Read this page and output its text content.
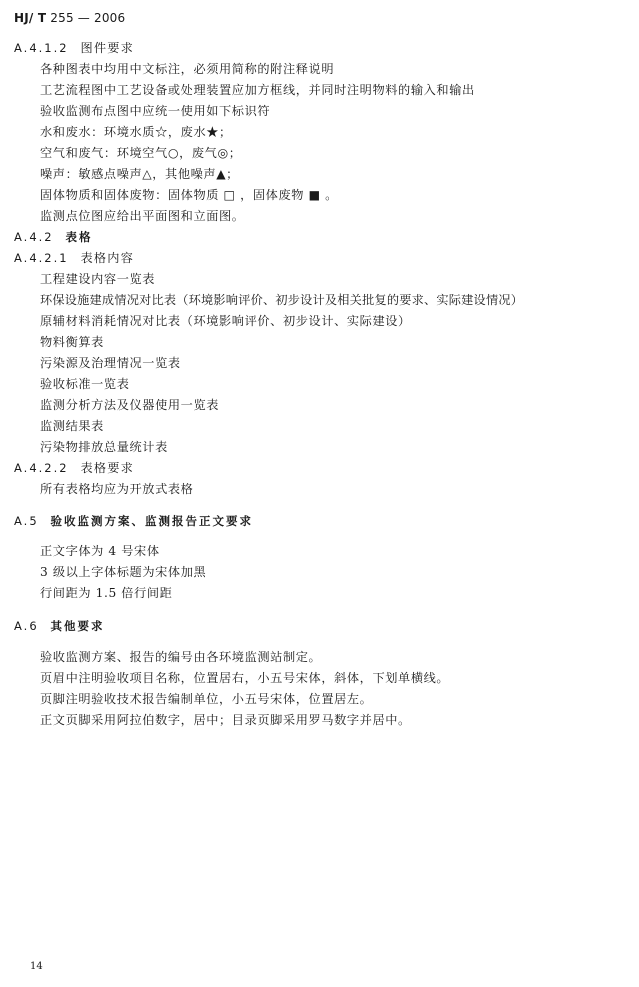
HJ/ T 255 — 2006
A.4.1.2 图件要求
各种图表中均用中文标注，必须用简称的附注释说明
工艺流程图中工艺设备或处理装置应加方框线，并同时注明物料的输入和输出
验收监测布点图中应统一使用如下标识符
水和废水：环境水质☆，废水★；
空气和废气：环境空气○，废气◎；
噪声：敏感点噪声△，其他噪声▲；
固体物质和固体废物：固体物质 □ ，固体废物 ■ 。
监测点位图应给出平面图和立面图。
A.4.2 表格
A.4.2.1 表格内容
工程建设内容一览表
环保设施建成情况对比表（环境影响评价、初步设计及相关批复的要求、实际建设情况）
原辅材料消耗情况对比表（环境影响评价、初步设计、实际建设）
物料衡算表
污染源及治理情况一览表
验收标准一览表
监测分析方法及仪器使用一览表
监测结果表
污染物排放总量统计表
A.4.2.2 表格要求
所有表格均应为开放式表格
A.5 验收监测方案、监测报告正文要求
正文字体为 4 号宋体
3 级以上字体标题为宋体加黑
行间距为 1.5 倍行间距
A.6 其他要求
验收监测方案、报告的编号由各环境监测站制定。
页眉中注明验收项目名称，位置居右，小五号宋体，斜体，下划单横线。
页脚注明验收技术报告编制单位，小五号宋体，位置居左。
正文页脚采用阿拉伯数字，居中；目录页脚采用罗马数字并居中。
14
